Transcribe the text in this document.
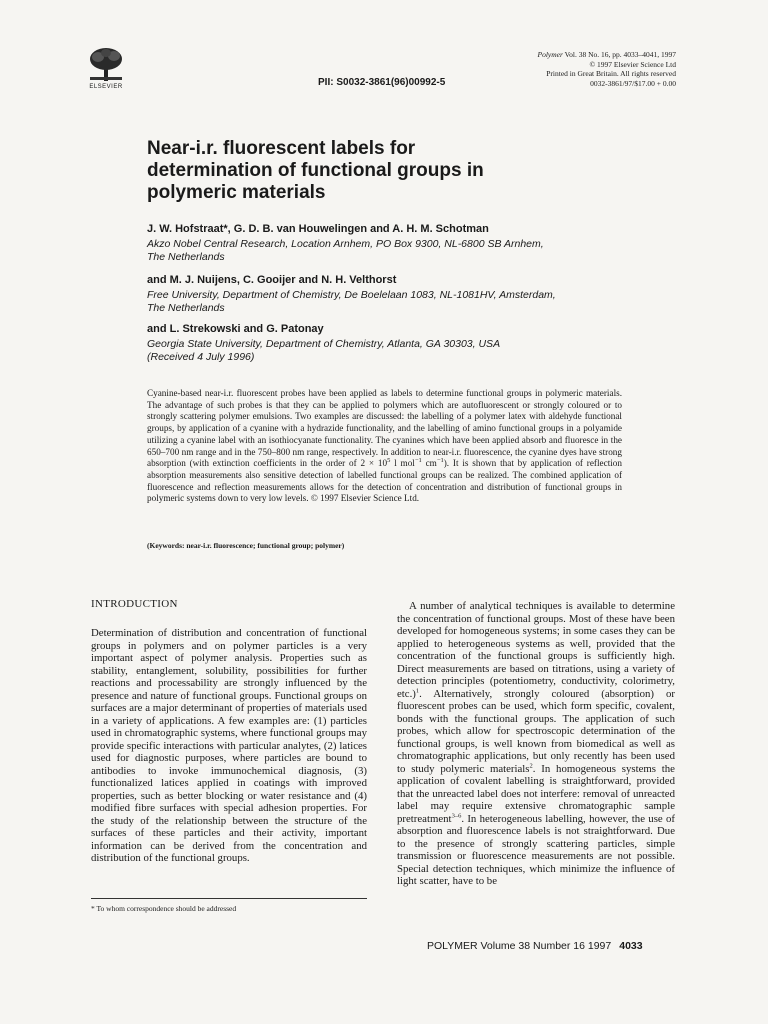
ELSEVIER	PII: S0032-3861(96)00992-5
Polymer Vol. 38 No. 16, pp. 4033–4041, 1997
© 1997 Elsevier Science Ltd
Printed in Great Britain. All rights reserved
0032-3861/97/$17.00 + 0.00
Near-i.r. fluorescent labels for
determination of functional groups in
polymeric materials
J. W. Hofstraat*, G. D. B. van Houwelingen and A. H. M. Schotman
Akzo Nobel Central Research, Location Arnhem, PO Box 9300, NL-6800 SB Arnhem,
The Netherlands
and M. J. Nuijens, C. Gooijer and N. H. Velthorst
Free University, Department of Chemistry, De Boelelaan 1083, NL-1081HV, Amsterdam,
The Netherlands
and L. Strekowski and G. Patonay
Georgia State University, Department of Chemistry, Atlanta, GA 30303, USA
(Received 4 July 1996)
Cyanine-based near-i.r. fluorescent probes have been applied as labels to determine functional groups in polymeric materials. The advantage of such probes is that they can be applied to polymers which are autofluorescent or strongly coloured or to strongly scattering polymer emulsions. Two examples are discussed: the labelling of a polymer latex with aldehyde functional groups, by application of a cyanine with a hydrazide functionality, and the labelling of amino functional groups in a polyamide utilizing a cyanine label with an isothiocyanate functionality. The cyanines which have been applied absorb and fluoresce in the 650–700 nm range and in the 750–800 nm range, respectively. In addition to near-i.r. fluorescence, the cyanine dyes have strong absorption (with extinction coefficients in the order of $2 \times 10^5$ l mol$^{-1}$ $cm^{-1}$). It is shown that by application of reflection absorption measurements also sensitive detection of labelled functional groups can be realized. The combined application of fluorescence and reflection measurements allows for the detection of concentration and distribution of functional groups in polymeric systems down to very low levels. © 1997 Elsevier Science Ltd.
(Keywords: near-i.r. fluorescence; functional group; polymer)
INTRODUCTION
Determination of distribution and concentration of functional groups in polymers and on polymer particles is a very important aspect of polymer analysis. Properties such as stability, entanglement, solubility, possibilities for further reactions and processability are strongly influenced by the presence and nature of functional groups. Functional groups on surfaces are a major determinant of properties of materials used in a variety of applications. A few examples are: (1) particles used in chromatographic systems, where functional groups may provide specific interactions with particular analytes, (2) latices used for diagnostic purposes, where particles are bound to antibodies to invoke immunochemical diagnosis, (3) functionalized latices applied in coatings with improved properties, such as better blocking or water resistance and (4) modified fibre surfaces with special adhesion properties. For the study of the relationship between the structure of the surfaces of these particles and their activity, important information can be derived from the concentration and distribution of the functional groups.
A number of analytical techniques is available to determine the concentration of functional groups. Most of these have been developed for homogeneous systems; in some cases they can be applied to heterogeneous systems as well, provided that the concentration of the functional groups is sufficiently high. Direct measurements are based on titrations, using a variety of detection principles (potentiometry, conductivity, colorimetry, etc.)$^1$. Alternatively, strongly coloured (absorption) or fluorescent probes can be used, which form specific, covalent, bonds with the functional groups. The application of such probes, which allow for spectroscopic determination of the functional groups, is well known from biomedical as well as chromatographic applications, but only recently has been used to study polymeric materials$^2$. In homogeneous systems the application of covalent labelling is straightforward, provided that the unreacted label does not interfere: removal of unreacted label may require extensive chromatographic sample pretreatment$^{3-6}$. In heterogeneous labelling, however, the use of absorption and fluorescence labels is not straightforward. Due to the presence of strongly scattering particles, simple transmission or fluorescence measurements are not possible. Special detection techniques, which minimize the influence of light scatter, have to be
* To whom correspondence should be addressed
POLYMER Volume 38 Number 16 1997 4033
